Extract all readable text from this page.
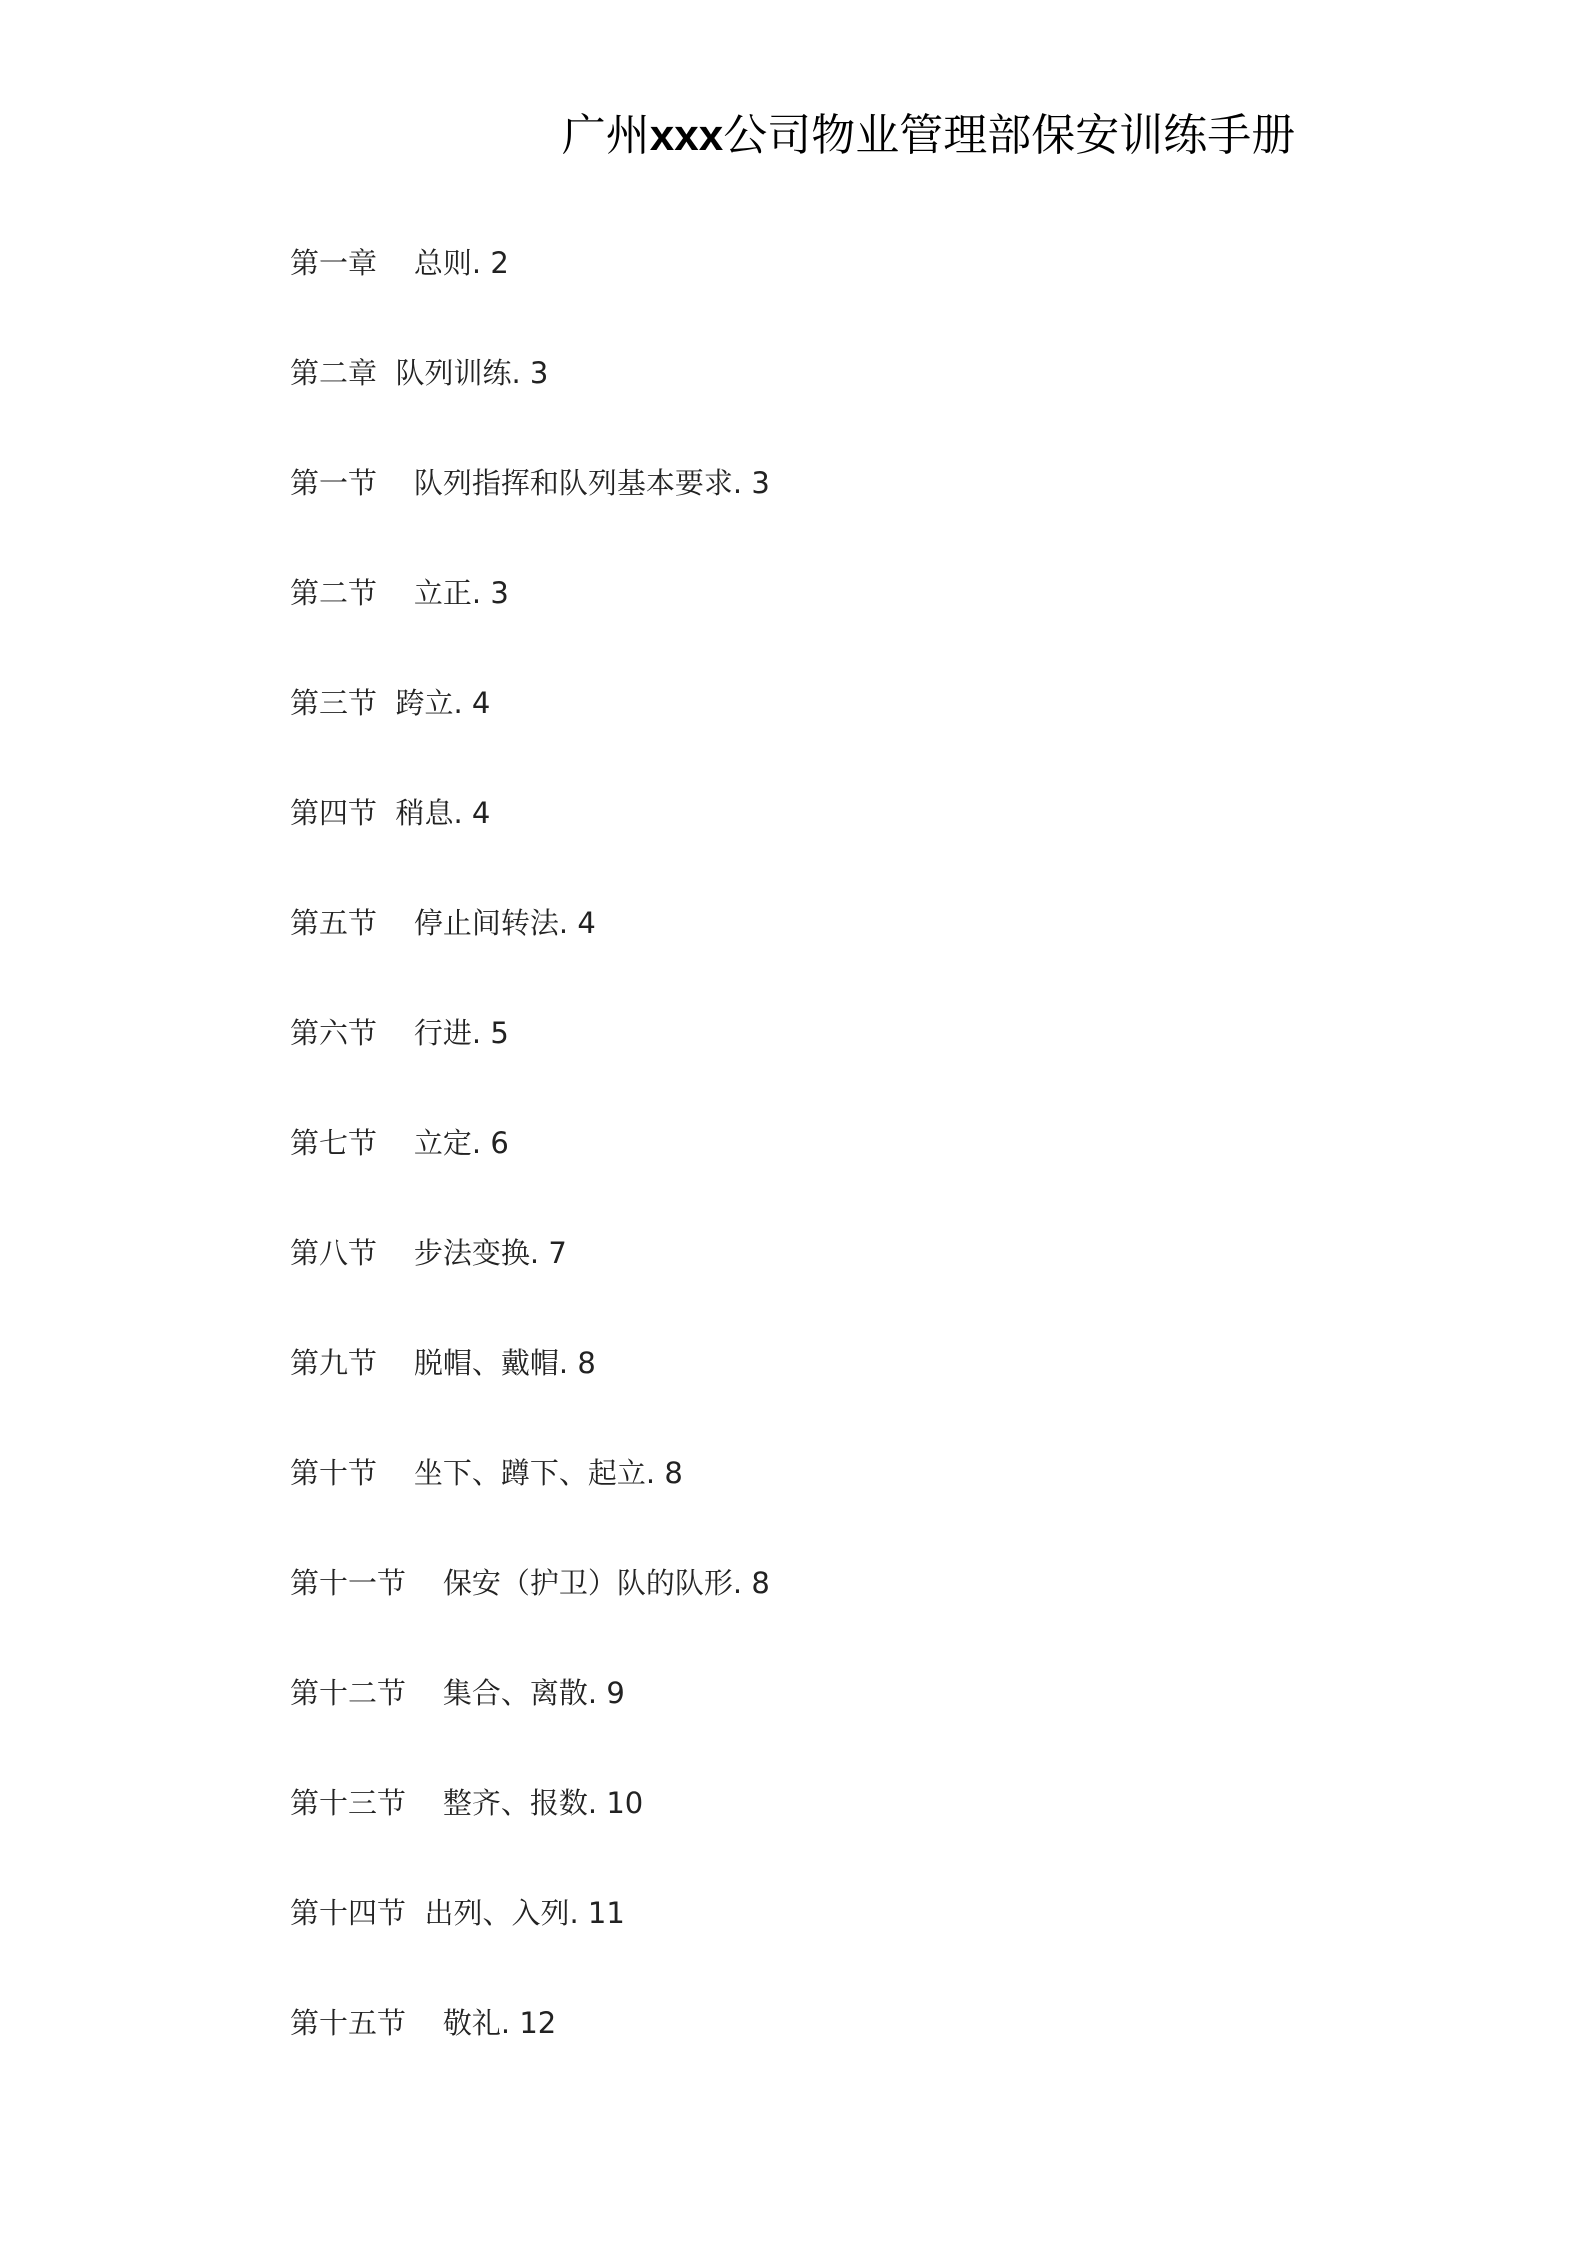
广州xxx公司物业管理部保安训练手册
第一章 总则. 2
第二章 队列训练. 3
第一节 队列指挥和队列基本要求. 3
第二节 立正. 3
第三节 跨立. 4
第四节 稍息. 4
第五节 停止间转法. 4
第六节 行进. 5
第七节 立定. 6
第八节 步法变换. 7
第九节 脱帽、戴帽. 8
第十节 坐下、蹲下、起立. 8
第十一节 保安（护卫）队的队形. 8
第十二节 集合、离散. 9
第十三节 整齐、报数. 10
第十四节 出列、入列. 11
第十五节 敬礼. 12
